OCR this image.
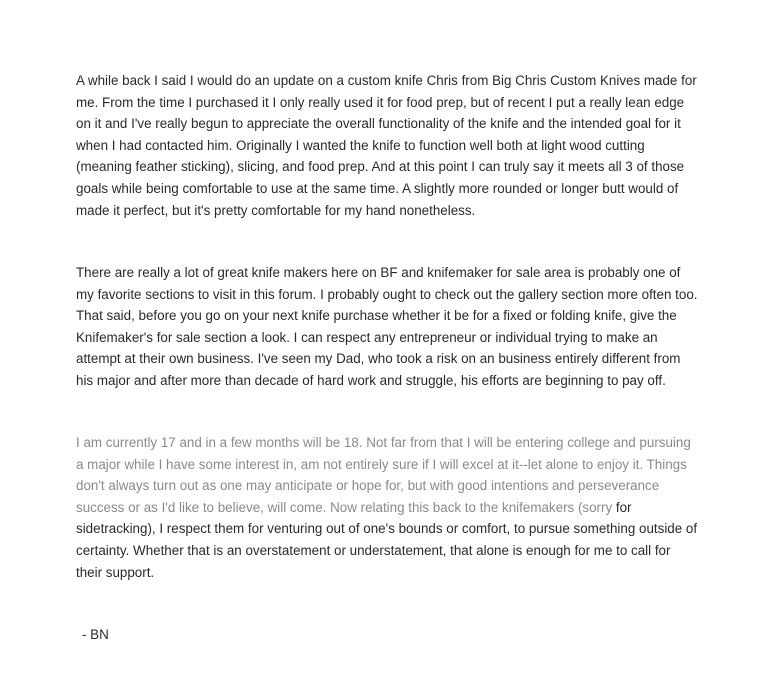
A while back I said I would do an update on a custom knife Chris from Big Chris Custom Knives made for me. From the time I purchased it I only really used it for food prep, but of recent I put a really lean edge on it and I've really begun to appreciate the overall functionality of the knife and the intended goal for it when I had contacted him. Originally I wanted the knife to function well both at light wood cutting (meaning feather sticking), slicing, and food prep. And at this point I can truly say it meets all 3 of those goals while being comfortable to use at the same time. A slightly more rounded or longer butt would of made it perfect, but it's pretty comfortable for my hand nonetheless.

There are really a lot of great knife makers here on BF and knifemaker for sale area is probably one of my favorite sections to visit in this forum. I probably ought to check out the gallery section more often too. That said, before you go on your next knife purchase whether it be for a fixed or folding knife, give the Knifemaker's for sale section a look. I can respect any entrepreneur or individual trying to make an attempt at their own business. I've seen my Dad, who took a risk on an business entirely different from his major and after more than decade of hard work and struggle, his efforts are beginning to pay off.

I am currently 17 and in a few months will be 18. Not far from that I will be entering college and pursuing a major while I have some interest in, am not entirely sure if I will excel at it--let alone to enjoy it. Things don't always turn out as one may anticipate or hope for, but with good intentions and perseverance success or as I'd like to believe, will come. Now relating this back to the knifemakers (sorry for sidetracking), I respect them for venturing out of one's bounds or comfort, to pursue something outside of certainty. Whether that is an overstatement or understatement, that alone is enough for me to call for their support.

- BN
